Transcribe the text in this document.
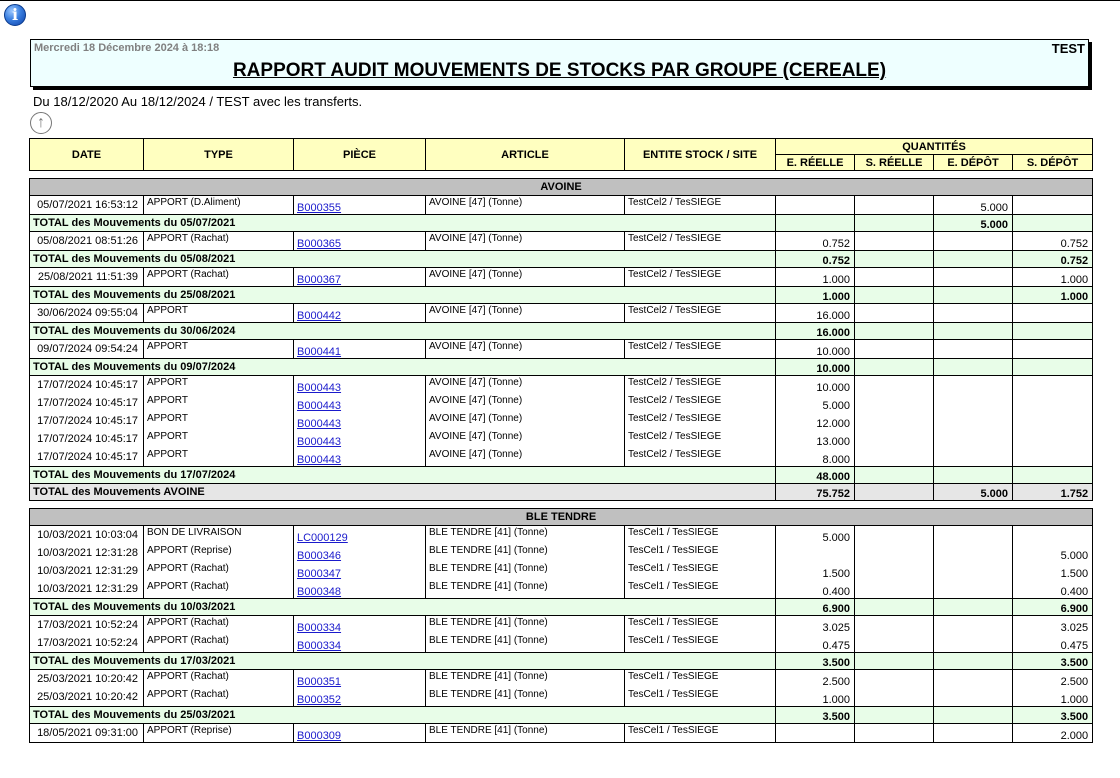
i
Mercredi 18 Décembre 2024 à 18:18	TEST
RAPPORT AUDIT MOUVEMENTS DE STOCKS PAR GROUPE (CEREALE)
Du 18/12/2020 Au 18/12/2024 / TEST avec les transferts.
↑
DATE	TYPE	PIÈCE	ARTICLE	ENTITE STOCK / SITE	QUANTITÉS			
					E. RÉELLE	S. RÉELLE	E. DÉPÔT	S. DÉPÔT
AVOINE								
05/07/2021 16:53:12	APPORT (D.Aliment)	B000355	AVOINE [47] (Tonne)	TestCel2 / TesSIEGE			5.000	
TOTAL des Mouvements du 05/07/2021							5.000	
05/08/2021 08:51:26	APPORT (Rachat)	B000365	AVOINE [47] (Tonne)	TestCel2 / TesSIEGE	0.752			0.752
TOTAL des Mouvements du 05/08/2021					0.752			0.752
25/08/2021 11:51:39	APPORT (Rachat)	B000367	AVOINE [47] (Tonne)	TestCel2 / TesSIEGE	1.000			1.000
TOTAL des Mouvements du 25/08/2021					1.000			1.000
30/06/2024 09:55:04	APPORT	B000442	AVOINE [47] (Tonne)	TestCel2 / TesSIEGE	16.000			
TOTAL des Mouvements du 30/06/2024					16.000			
09/07/2024 09:54:24	APPORT	B000441	AVOINE [47] (Tonne)	TestCel2 / TesSIEGE	10.000			
TOTAL des Mouvements du 09/07/2024					10.000			
17/07/2024 10:45:17	APPORT	B000443	AVOINE [47] (Tonne)	TestCel2 / TesSIEGE	10.000			
17/07/2024 10:45:17	APPORT	B000443	AVOINE [47] (Tonne)	TestCel2 / TesSIEGE	5.000			
17/07/2024 10:45:17	APPORT	B000443	AVOINE [47] (Tonne)	TestCel2 / TesSIEGE	12.000			
17/07/2024 10:45:17	APPORT	B000443	AVOINE [47] (Tonne)	TestCel2 / TesSIEGE	13.000			
17/07/2024 10:45:17	APPORT	B000443	AVOINE [47] (Tonne)	TestCel2 / TesSIEGE	8.000			
TOTAL des Mouvements du 17/07/2024					48.000			
TOTAL des Mouvements AVOINE					75.752		5.000	1.752

BLE TENDRE								
10/03/2021 10:03:04	BON DE LIVRAISON	LC000129	BLE TENDRE [41] (Tonne)	TesCel1 / TesSIEGE	5.000			
10/03/2021 12:31:28	APPORT (Reprise)	B000346	BLE TENDRE [41] (Tonne)	TesCel1 / TesSIEGE				5.000
10/03/2021 12:31:29	APPORT (Rachat)	B000347	BLE TENDRE [41] (Tonne)	TesCel1 / TesSIEGE	1.500			1.500
10/03/2021 12:31:29	APPORT (Rachat)	B000348	BLE TENDRE [41] (Tonne)	TesCel1 / TesSIEGE	0.400			0.400
TOTAL des Mouvements du 10/03/2021					6.900			6.900
17/03/2021 10:52:24	APPORT (Rachat)	B000334	BLE TENDRE [41] (Tonne)	TesCel1 / TesSIEGE	3.025			3.025
17/03/2021 10:52:24	APPORT (Rachat)	B000334	BLE TENDRE [41] (Tonne)	TesCel1 / TesSIEGE	0.475			0.475
TOTAL des Mouvements du 17/03/2021					3.500			3.500
25/03/2021 10:20:42	APPORT (Rachat)	B000351	BLE TENDRE [41] (Tonne)	TesCel1 / TesSIEGE	2.500			2.500
25/03/2021 10:20:42	APPORT (Rachat)	B000352	BLE TENDRE [41] (Tonne)	TesCel1 / TesSIEGE	1.000			1.000
TOTAL des Mouvements du 25/03/2021					3.500			3.500
18/05/2021 09:31:00	APPORT (Reprise)	B000309	BLE TENDRE [41] (Tonne)	TesCel1 / TesSIEGE				2.000
